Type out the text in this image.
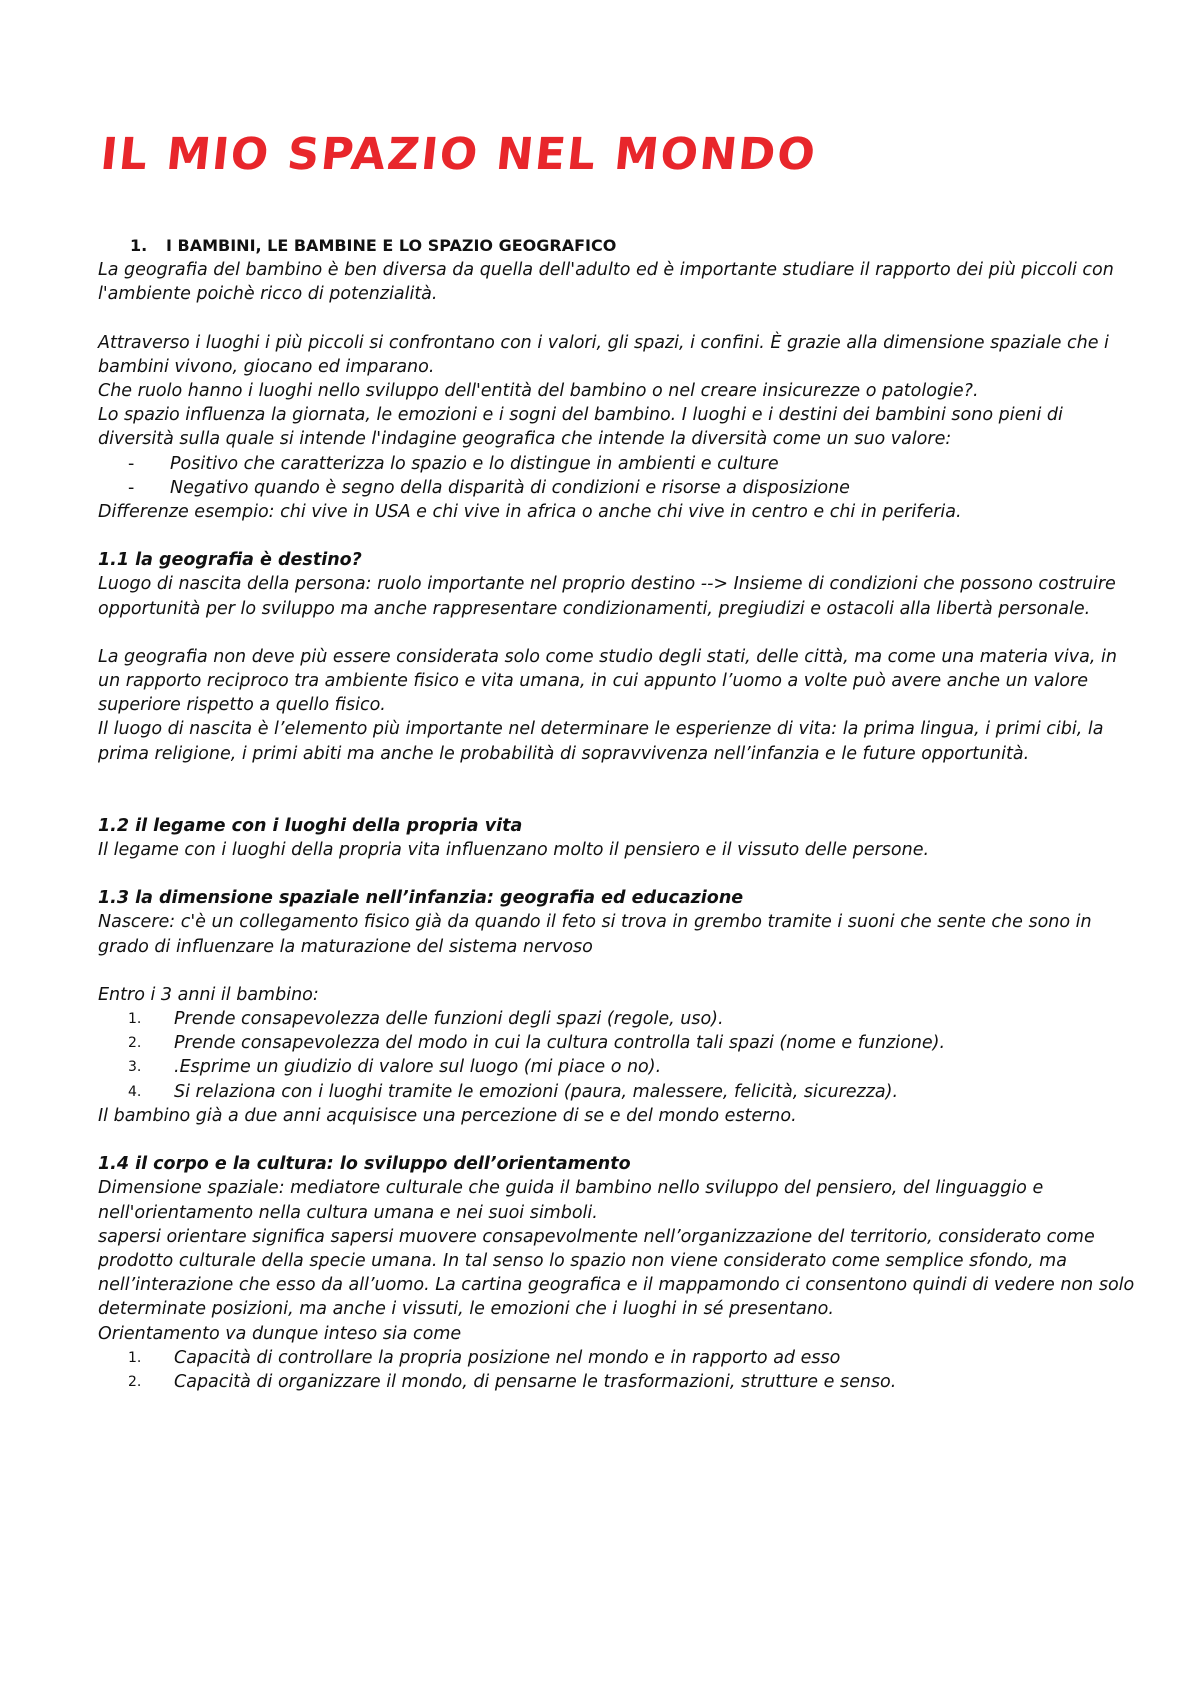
IL MIO SPAZIO NEL MONDO
1.	I BAMBINI, LE BAMBINE E LO SPAZIO GEOGRAFICO

La geografia del bambino è ben diversa da quella dell'adulto ed è importante studiare il rapporto dei più piccoli con l'ambiente poichè ricco di potenzialità.

Attraverso i luoghi i più piccoli si confrontano con i valori, gli spazi, i confini. È grazie alla dimensione spaziale che i bambini vivono, giocano ed imparano.

Che ruolo hanno i luoghi nello sviluppo dell'entità del bambino o nel creare insicurezze o patologie?.

Lo spazio influenza la giornata, le emozioni e i sogni del bambino. I luoghi e i destini dei bambini sono pieni di diversità sulla quale si intende l'indagine geografica che intende la diversità come un suo valore:

-	Positivo che caratterizza lo spazio e lo distingue in ambienti e culture
-	Negativo quando è segno della disparità di condizioni e risorse a disposizione

Differenze esempio: chi vive in USA e chi vive in africa o anche chi vive in centro e chi in periferia.

1.1 la geografia è destino?

Luogo di nascita della persona: ruolo importante nel proprio destino --> Insieme di condizioni che possono costruire opportunità per lo sviluppo ma anche rappresentare condizionamenti, pregiudizi e ostacoli alla libertà personale.

La geografia non deve più essere considerata solo come studio degli stati, delle città, ma come una materia viva, in un rapporto reciproco tra ambiente fisico e vita umana, in cui appunto l’uomo a volte può avere anche un valore superiore rispetto a quello fisico.

Il luogo di nascita è l’elemento più importante nel determinare le esperienze di vita: la prima lingua, i primi cibi, la prima religione, i primi abiti ma anche le probabilità di sopravvivenza nell’infanzia e le future opportunità.

1.2 il legame con i luoghi della propria vita

Il legame con i luoghi della propria vita influenzano molto il pensiero e il vissuto delle persone.

1.3 la dimensione spaziale nell’infanzia: geografia ed educazione

Nascere: c'è un collegamento fisico già da quando il feto si trova in grembo tramite i suoni che sente che sono in grado di influenzare la maturazione del sistema nervoso

Entro i 3 anni il bambino:

1.	Prende consapevolezza delle funzioni degli spazi (regole, uso).
2.	Prende consapevolezza del modo in cui la cultura controlla tali spazi (nome e funzione).
3.	.Esprime un giudizio di valore sul luogo (mi piace o no).
4.	Si relaziona con i luoghi tramite le emozioni (paura, malessere, felicità, sicurezza).

Il bambino già a due anni acquisisce una percezione di se e del mondo esterno.

1.4 il corpo e la cultura: lo sviluppo dell’orientamento

Dimensione spaziale: mediatore culturale che guida il bambino nello sviluppo del pensiero, del linguaggio e nell'orientamento nella cultura umana e nei suoi simboli.

sapersi orientare significa sapersi muovere consapevolmente nell’organizzazione del territorio, considerato come prodotto culturale della specie umana. In tal senso lo spazio non viene considerato come semplice sfondo, ma nell’interazione che esso da all’uomo. La cartina geografica e il mappamondo ci consentono quindi di vedere non solo determinate posizioni, ma anche i vissuti, le emozioni che i luoghi in sé presentano.

Orientamento va dunque inteso sia come

1.	Capacità di controllare la propria posizione nel mondo e in rapporto ad esso
2.	Capacità di organizzare il mondo, di pensarne le trasformazioni, strutture e senso.
